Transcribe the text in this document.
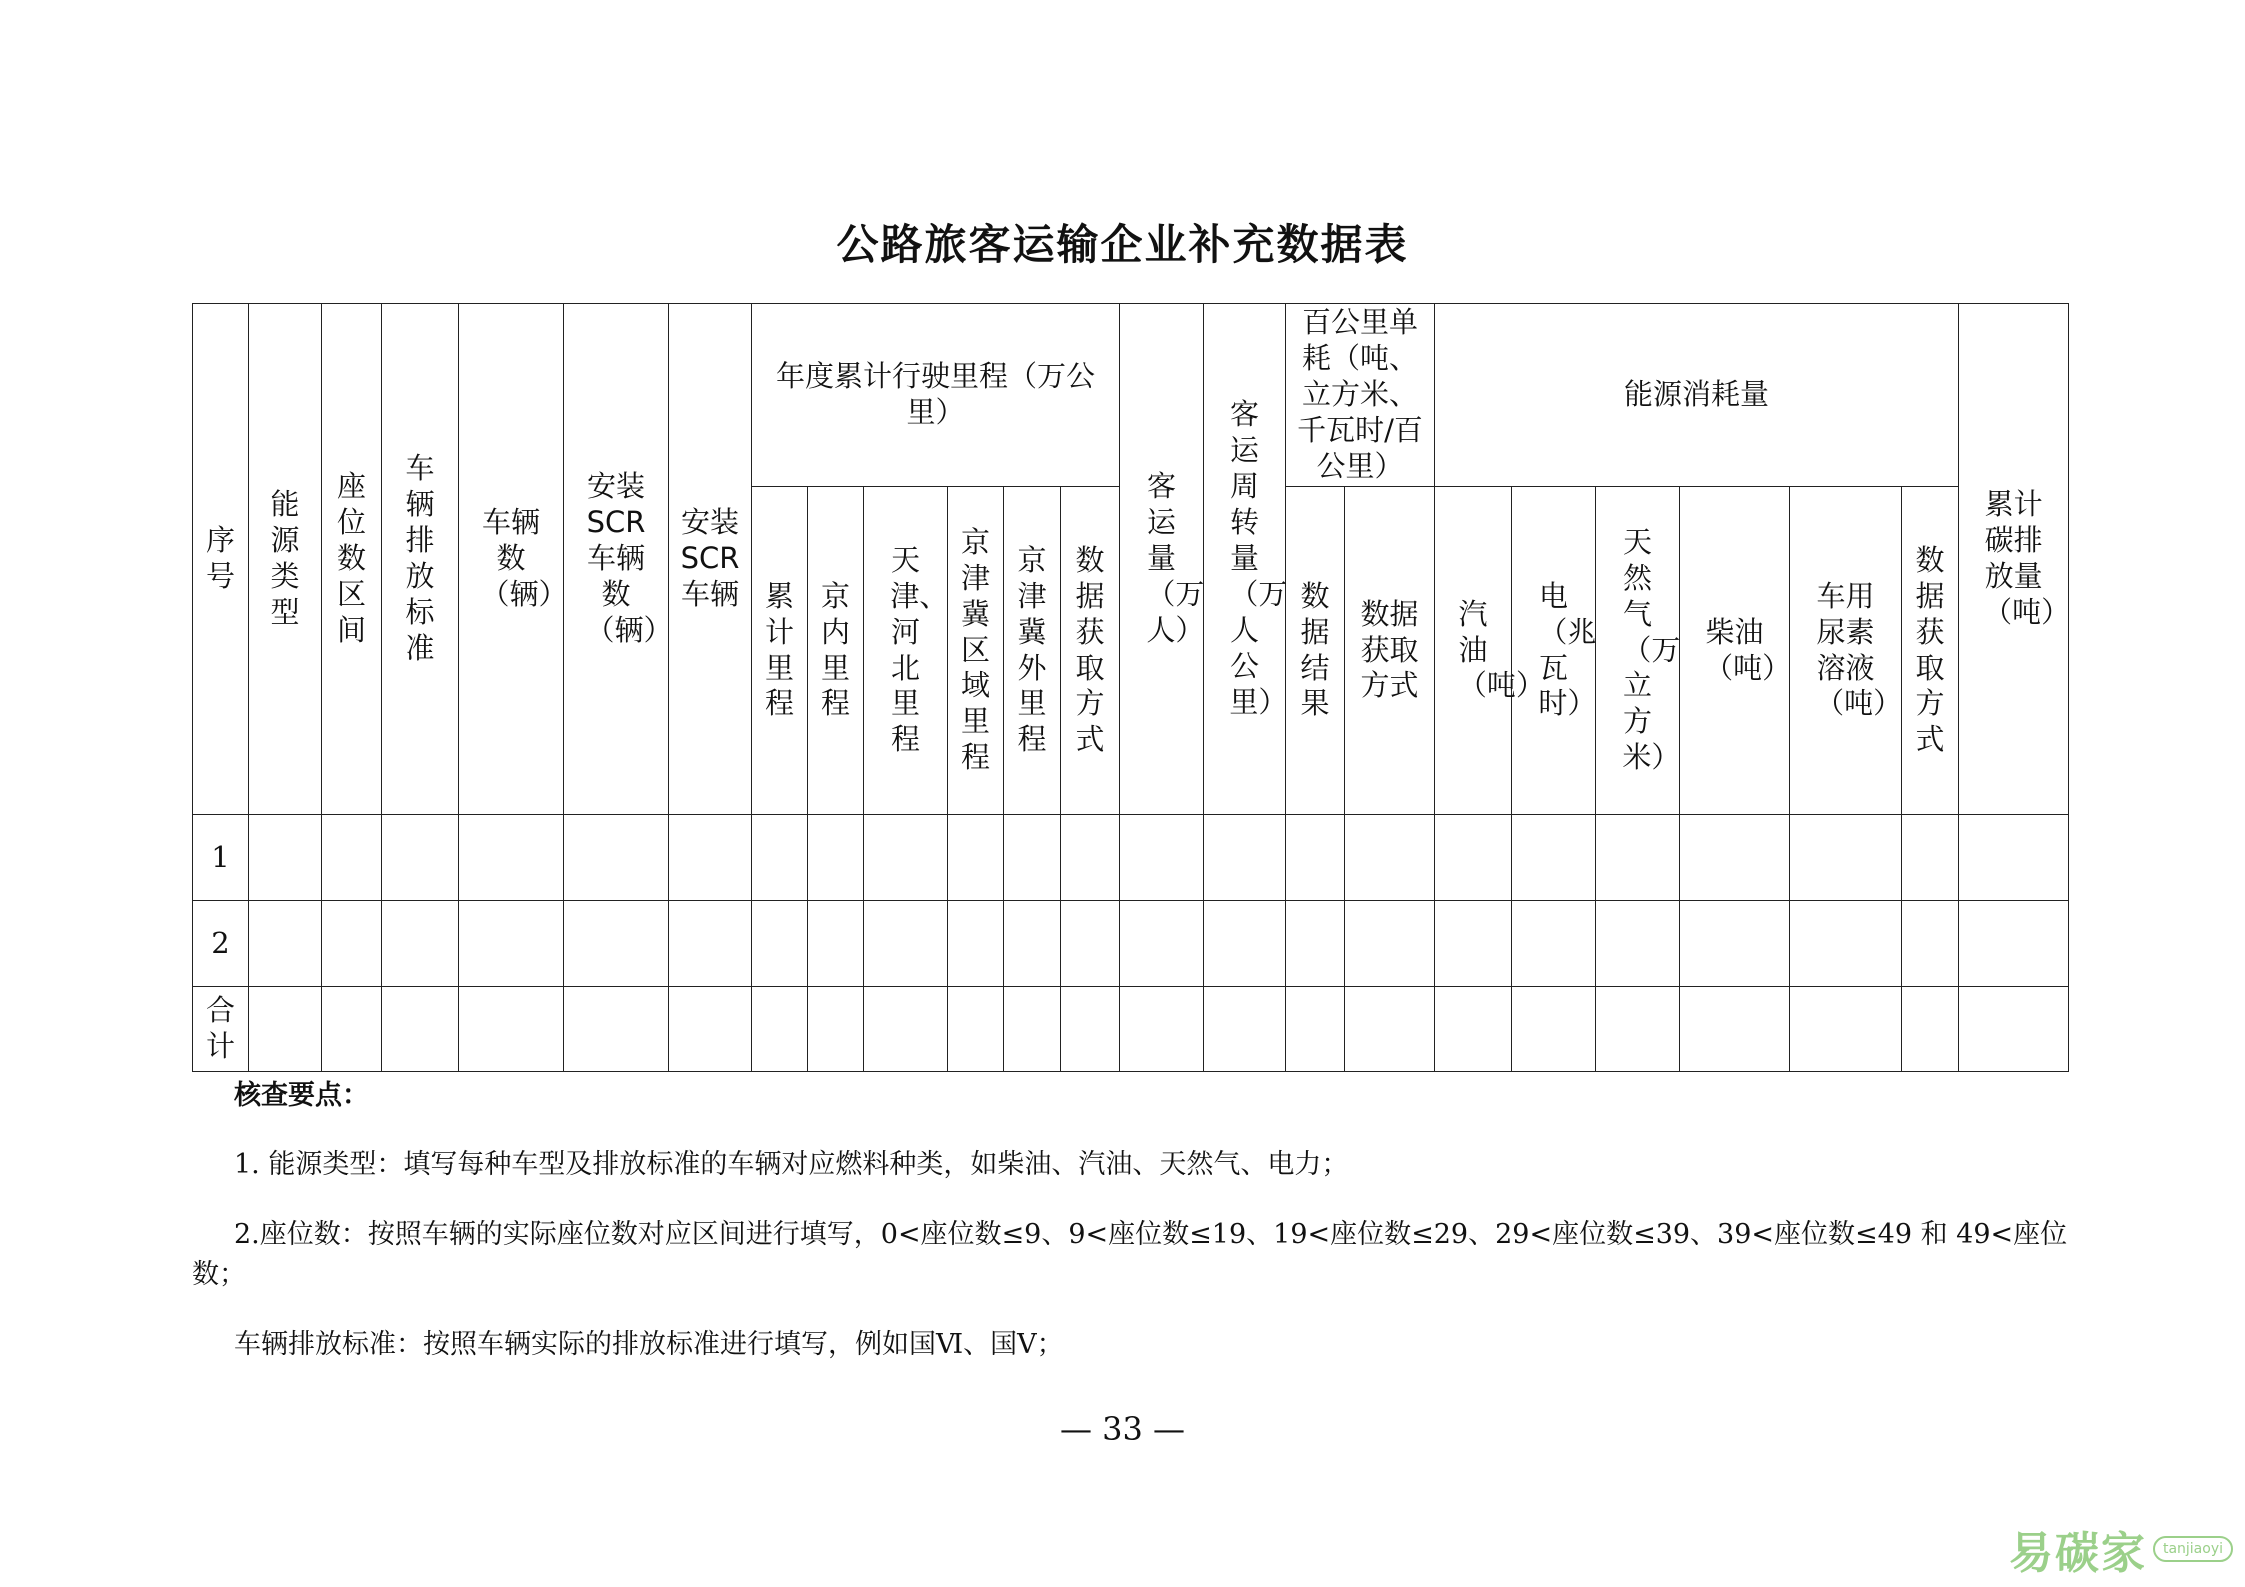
公路旅客运输企业补充数据表
序号	能源类型	座位数区间	车辆排放标准	车辆数（辆）	安装SCR车辆数（辆）	安装SCR车辆	年度累计行驶里程（万公里）						客运量（万人）	客运周转量（万人公里）	百公里单耗（吨、立方米、千瓦时/百公里）		能源消耗量						累计碳排放量（吨）
							累计里程	京内里程	天津、河北里程	京津冀区域里程	京津冀外里程	数据获取方式			数据结果	数据获取方式	汽油（吨）	电（兆瓦时）	天然气（万立方米）	柴油（吨）	车用尿素溶液（吨）	数据获取方式	
1																							
2																							
合计																							
核查要点：
1. 能源类型：填写每种车型及排放标准的车辆对应燃料种类，如柴油、汽油、天然气、电力；
2.座位数：按照车辆的实际座位数对应区间进行填写，0<座位数≤9、9<座位数≤19、19<座位数≤29、29<座位数≤39、39<座位数≤49 和 49<座位
数；
车辆排放标准：按照车辆实际的排放标准进行填写，例如国Ⅵ、国Ⅴ；
— 33 —
易碳家	tanjiaoyi
